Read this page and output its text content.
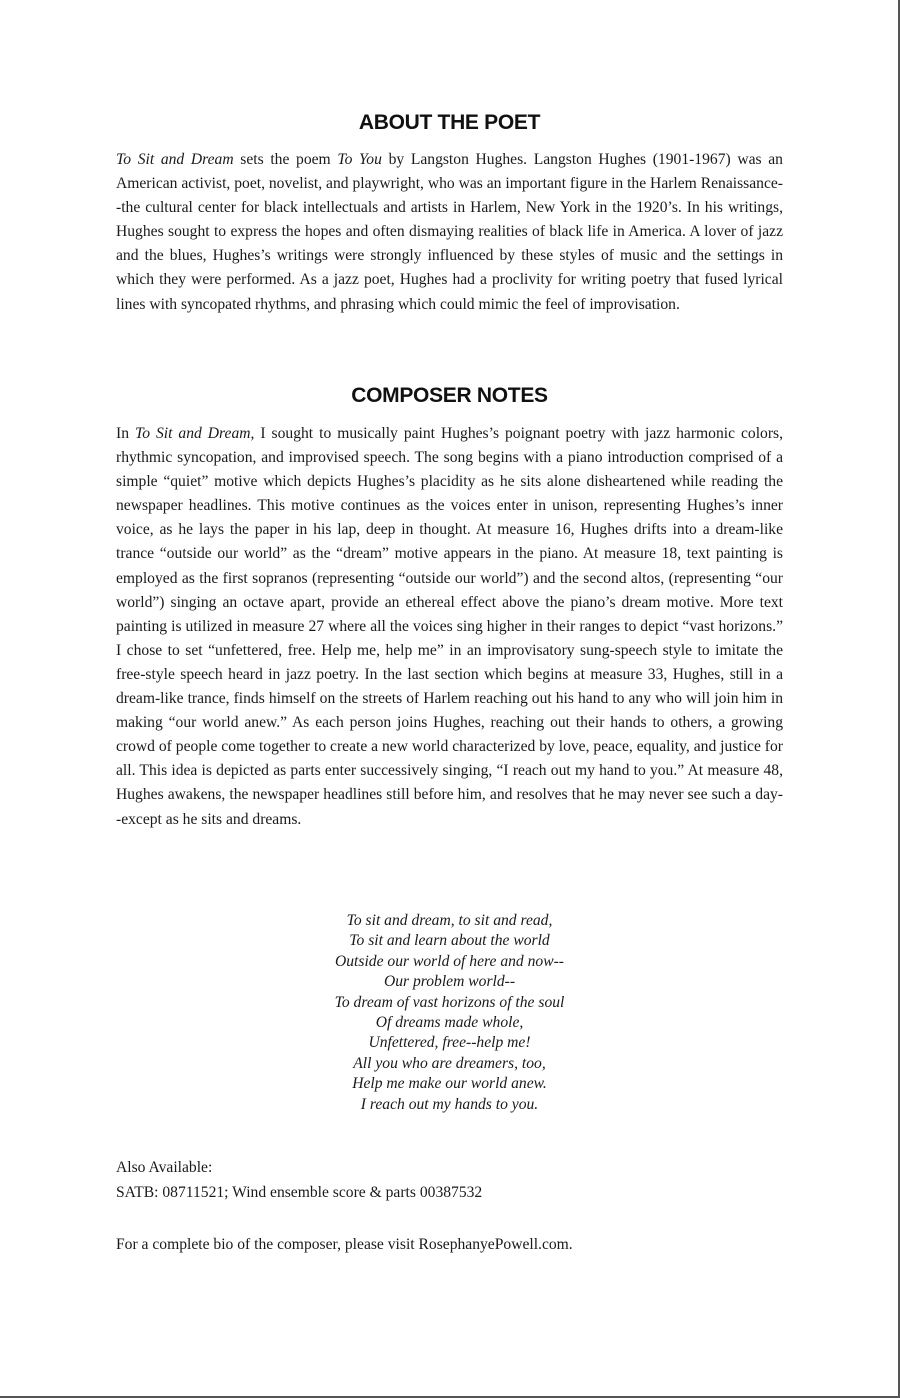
ABOUT THE POET

To Sit and Dream sets the poem To You by Langston Hughes. Langston Hughes (1901-1967) was an American activist, poet, novelist, and playwright, who was an important figure in the Harlem Renaissance--the cultural center for black intellectuals and artists in Harlem, New York in the 1920’s. In his writings, Hughes sought to express the hopes and often dismaying realities of black life in America. A lover of jazz and the blues, Hughes’s writings were strongly influenced by these styles of music and the settings in which they were performed. As a jazz poet, Hughes had a proclivity for writing poetry that fused lyrical lines with syncopated rhythms, and phrasing which could mimic the feel of improvisation.

COMPOSER NOTES

In To Sit and Dream, I sought to musically paint Hughes’s poignant poetry with jazz harmonic colors, rhythmic syncopation, and improvised speech. The song begins with a piano introduction comprised of a simple “quiet” motive which depicts Hughes’s placidity as he sits alone disheartened while reading the newspaper headlines. This motive continues as the voices enter in unison, representing Hughes’s inner voice, as he lays the paper in his lap, deep in thought. At measure 16, Hughes drifts into a dream-like trance “outside our world” as the “dream” motive appears in the piano. At measure 18, text painting is employed as the first sopranos (representing “outside our world”) and the second altos, (representing “our world”) singing an octave apart, provide an ethereal effect above the piano’s dream motive. More text painting is utilized in measure 27 where all the voices sing higher in their ranges to depict “vast horizons.” I chose to set “unfettered, free. Help me, help me” in an improvisatory sung-speech style to imitate the free-style speech heard in jazz poetry. In the last section which begins at measure 33, Hughes, still in a dream-like trance, finds himself on the streets of Harlem reaching out his hand to any who will join him in making “our world anew.” As each person joins Hughes, reaching out their hands to others, a growing crowd of people come together to create a new world characterized by love, peace, equality, and justice for all. This idea is depicted as parts enter successively singing, “I reach out my hand to you.” At measure 48, Hughes awakens, the newspaper headlines still before him, and resolves that he may never see such a day--except as he sits and dreams.

To sit and dream, to sit and read,
To sit and learn about the world
Outside our world of here and now--
Our problem world--
To dream of vast horizons of the soul
Of dreams made whole,
Unfettered, free--help me!
All you who are dreamers, too,
Help me make our world anew.
I reach out my hands to you.

Also Available:
SATB: 08711521; Wind ensemble score & parts 00387532

For a complete bio of the composer, please visit RosephanyePowell.com.
